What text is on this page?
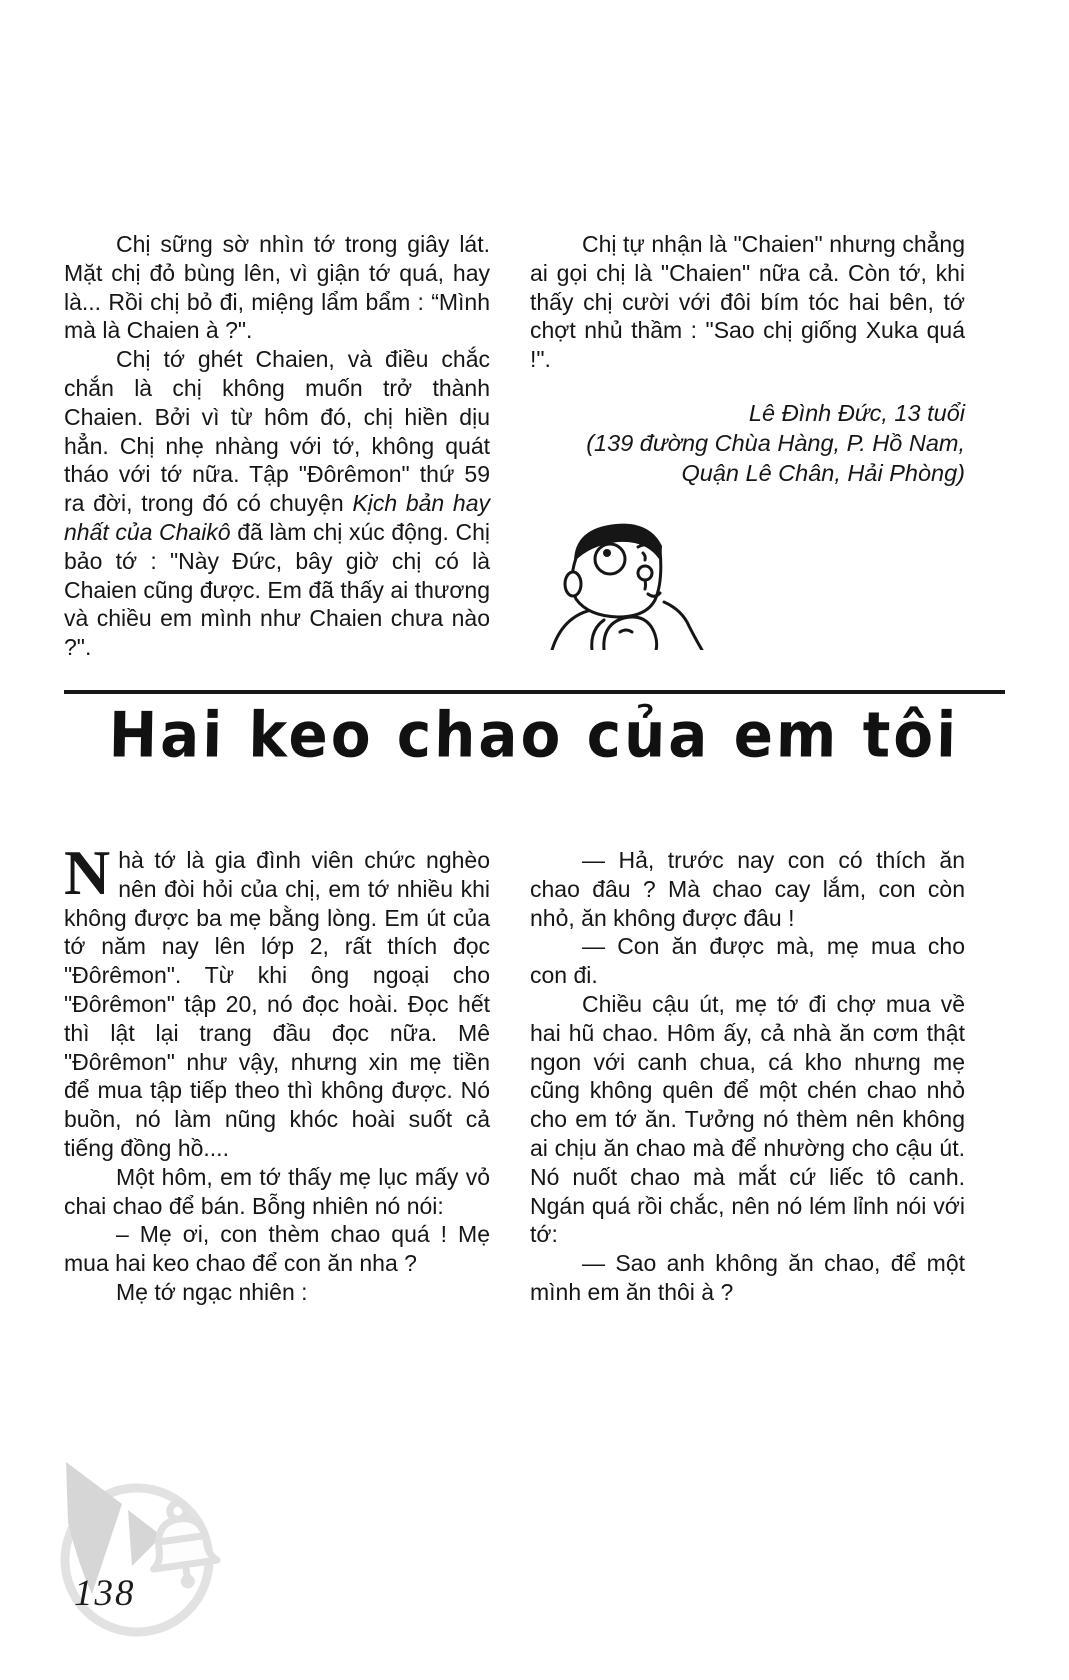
Chị sững sờ nhìn tớ trong giây lát. Mặt chị đỏ bùng lên, vì giận tớ quá, hay là... Rồi chị bỏ đi, miệng lẩm bẩm : “Mình mà là Chaien à ?".

Chị tớ ghét Chaien, và điều chắc chắn là chị không muốn trở thành Chaien. Bởi vì từ hôm đó, chị hiền dịu hẳn. Chị nhẹ nhàng với tớ, không quát tháo với tớ nữa. Tập "Đôrêmon" thứ 59 ra đời, trong đó có chuyện Kịch bản hay nhất của Chaikô đã làm chị xúc động. Chị bảo tớ : "Này Đức, bây giờ chị có là Chaien cũng được. Em đã thấy ai thương và chiều em mình như Chaien chưa nào ?".

Chị tự nhận là "Chaien" nhưng chẳng ai gọi chị là "Chaien" nữa cả. Còn tớ, khi thấy chị cười với đôi bím tóc hai bên, tớ chợt nhủ thầm : "Sao chị giống Xuka quá !".

Lê Đình Đức, 13 tuổi
(139 đường Chùa Hàng, P. Hồ Nam,
Quận Lê Chân, Hải Phòng)
Hai keo chao của em tôi

Nhà tớ là gia đình viên chức nghèo nên đòi hỏi của chị, em tớ nhiều khi không được ba mẹ bằng lòng. Em út của tớ năm nay lên lớp 2, rất thích đọc "Đôrêmon". Từ khi ông ngoại cho "Đôrêmon" tập 20, nó đọc hoài. Đọc hết thì lật lại trang đầu đọc nữa. Mê "Đôrêmon" như vậy, nhưng xin mẹ tiền để mua tập tiếp theo thì không được. Nó buồn, nó làm nũng khóc hoài suốt cả tiếng đồng hồ....

Một hôm, em tớ thấy mẹ lục mấy vỏ chai chao để bán. Bỗng nhiên nó nói:

– Mẹ ơi, con thèm chao quá ! Mẹ mua hai keo chao để con ăn nha ?

Mẹ tớ ngạc nhiên :

— Hả, trước nay con có thích ăn chao đâu ? Mà chao cay lắm, con còn nhỏ, ăn không được đâu !

— Con ăn được mà, mẹ mua cho con đi.

Chiều cậu út, mẹ tớ đi chợ mua về hai hũ chao. Hôm ấy, cả nhà ăn cơm thật ngon với canh chua, cá kho nhưng mẹ cũng không quên để một chén chao nhỏ cho em tớ ăn. Tưởng nó thèm nên không ai chịu ăn chao mà để nhường cho cậu út. Nó nuốt chao mà mắt cứ liếc tô canh. Ngán quá rồi chắc, nên nó lém lỉnh nói với tớ:

— Sao anh không ăn chao, để một mình em ăn thôi à ?

138
